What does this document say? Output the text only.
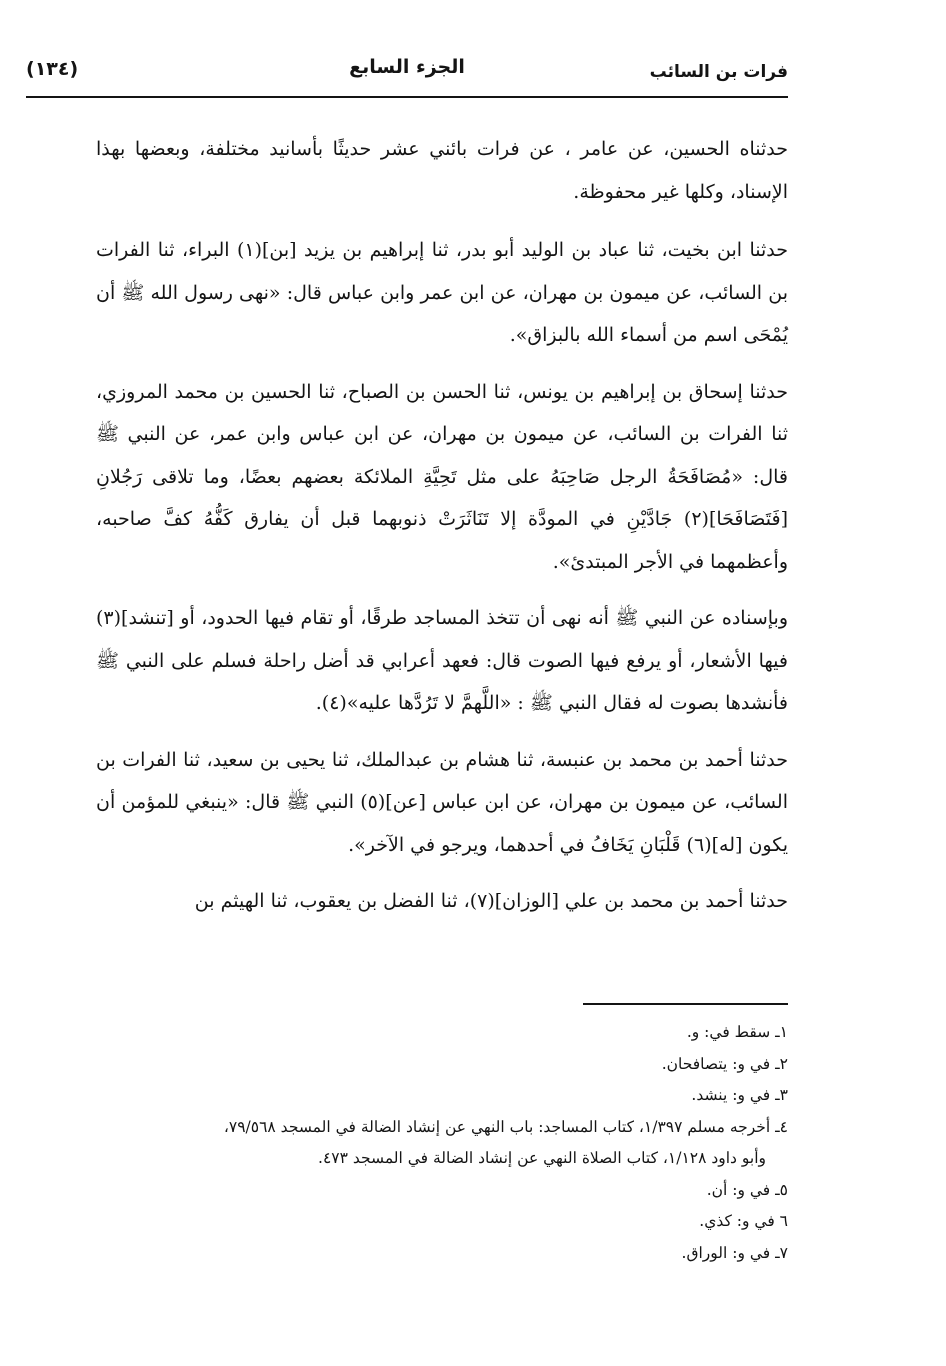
فرات بن السائب
الجزء السابع
(١٣٤)

حدثناه الحسين، عن عامر ، عن فرات بائني عشر حديثًا بأسانيد مختلفة، وبعضها بهذا الإسناد، وكلها غير محفوظة.

حدثنا ابن بخيت، ثنا عباد بن الوليد أبو بدر، ثنا إبراهيم بن يزيد [بن](١) البراء، ثنا الفرات بن السائب، عن ميمون بن مهران، عن ابن عمر وابن عباس قال: «نهى رسول الله ﷺ أن يُمْحَى اسم من أسماء الله بالبزاق».

حدثنا إسحاق بن إبراهيم بن يونس، ثنا الحسن بن الصباح، ثنا الحسين بن محمد المروزي، ثنا الفرات بن السائب، عن ميمون بن مهران، عن ابن عباس وابن عمر، عن النبي ﷺ قال: «مُصَافَحَةُ الرجل صَاحِبَهُ على مثل تَحِيَّةِ الملائكة بعضهم بعضًا، وما تلاقى رَجُلانِ [فَتَصَافَحَا](٢) جَادَّيْنِ في المودَّة إلا تَنَاثَرَتْ ذنوبهما قبل أن يفارق كَفُّهُ كفَّ صاحبه، وأعظمهما في الأجر المبتدئ».

وبإسناده عن النبي ﷺ أنه نهى أن تتخذ المساجد طرقًا، أو تقام فيها الحدود، أو [تنشد](٣) فيها الأشعار، أو يرفع فيها الصوت قال: فعهد أعرابي قد أضل راحلة فسلم على النبي ﷺ فأنشدها بصوت له فقال النبي ﷺ : «اللَّهمَّ لا تَرُدَّها عليه»(٤).

حدثنا أحمد بن محمد بن عنبسة، ثنا هشام بن عبدالملك، ثنا يحيى بن سعيد، ثنا الفرات بن السائب، عن ميمون بن مهران، عن ابن عباس [عن](٥) النبي ﷺ قال: «ينبغي للمؤمن أن يكون [له](٦) قَلْبَانِ يَخَافُ في أحدهما، ويرجو في الآخر».

حدثنا أحمد بن محمد بن علي [الوزان](٧)، ثنا الفضل بن يعقوب، ثنا الهيثم بن

١ـ سقط في: و.

٢ـ في و: يتصافحان.

٣ـ في و: ينشد.

٤ـ أخرجه مسلم ١/٣٩٧، كتاب المساجد: باب النهي عن إنشاد الضالة في المسجد ٧٩/٥٦٨،

وأبو داود ١/١٢٨، كتاب الصلاة النهي عن إنشاد الضالة في المسجد ٤٧٣.

٥ـ في و: أن.

٦ في و: كذي.

٧ـ في و: الوراق.
